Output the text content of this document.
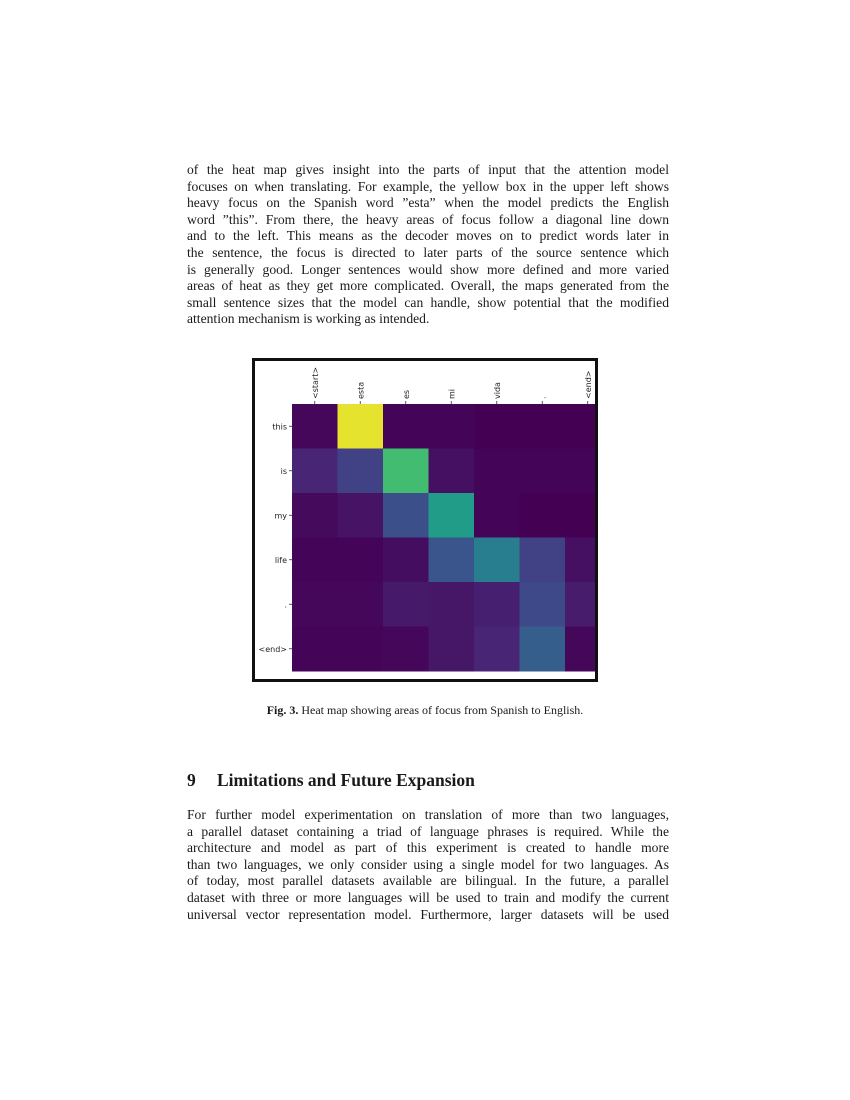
of the heat map gives insight into the parts of input that the attention model
focuses on when translating. For example, the yellow box in the upper left shows
heavy focus on the Spanish word ”esta” when the model predicts the English
word ”this”. From there, the heavy areas of focus follow a diagonal line down
and to the left. This means as the decoder moves on to predict words later in
the sentence, the focus is directed to later parts of the source sentence which
is generally good. Longer sentences would show more defined and more varied
areas of heat as they get more complicated. Overall, the maps generated from the
small sentence sizes that the model can handle, show potential that the modified
attention mechanism is working as intended.
<start>	esta	es	mi	vida	.	<end>
this
is
my
life
.
<end>
Fig. 3. Heat map showing areas of focus from Spanish to English.
9 Limitations and Future Expansion
For further model experimentation on translation of more than two languages,
a parallel dataset containing a triad of language phrases is required. While the
architecture and model as part of this experiment is created to handle more
than two languages, we only consider using a single model for two languages. As
of today, most parallel datasets available are bilingual. In the future, a parallel
dataset with three or more languages will be used to train and modify the current
universal vector representation model. Furthermore, larger datasets will be used
